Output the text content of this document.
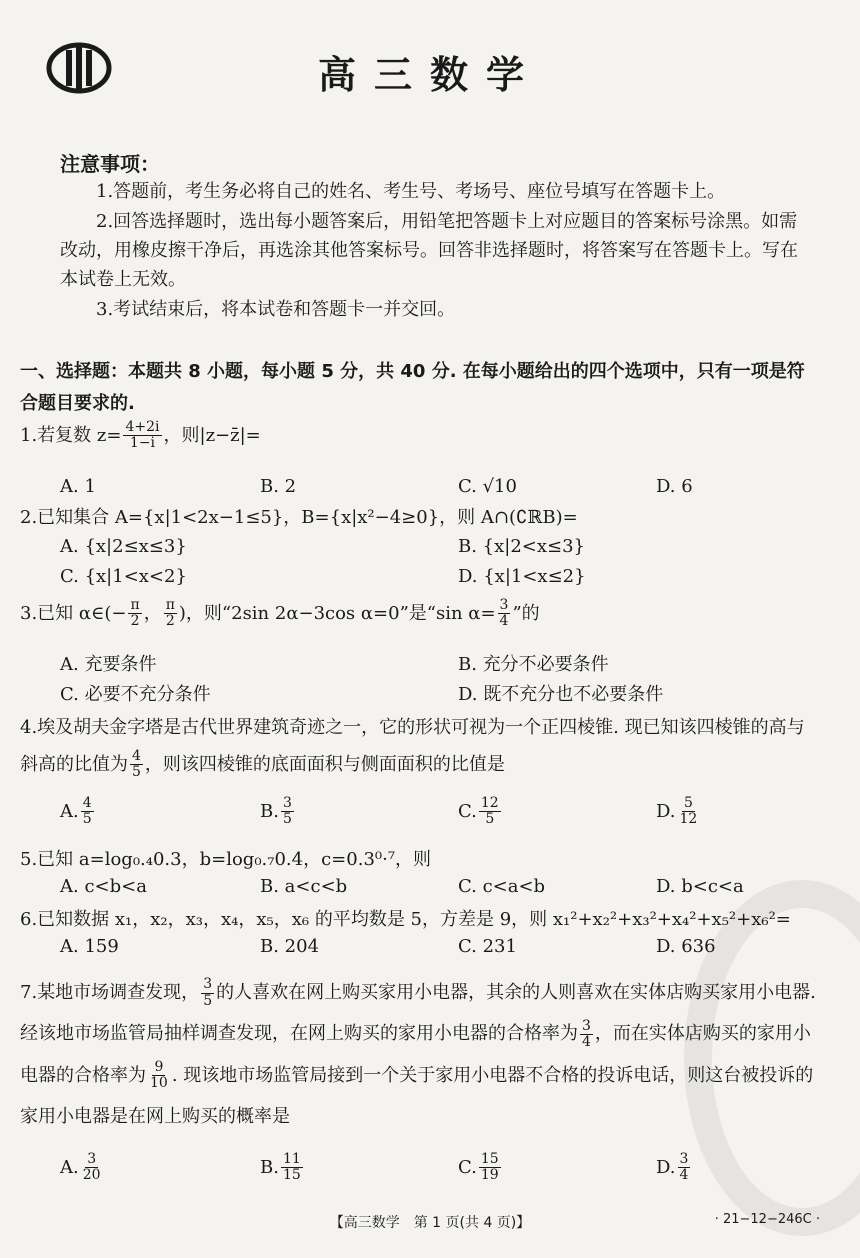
高三数学
注意事项：
1.答题前，考生务必将自己的姓名、考生号、考场号、座位号填写在答题卡上。
2.回答选择题时，选出每小题答案后，用铅笔把答题卡上对应题目的答案标号涂黑。如需改动，用橡皮擦干净后，再选涂其他答案标号。回答非选择题时，将答案写在答题卡上。写在本试卷上无效。
3.考试结束后，将本试卷和答题卡一并交回。
一、选择题：本题共 8 小题，每小题 5 分，共 40 分. 在每小题给出的四个选项中，只有一项是符合题目要求的.
1.若复数 $z= \frac{4+2i}{1-i}$ ，则|z−z̄|=
A. 1	B. 2	C. √10	D. 6
2.已知集合 A={x|1<2x−1≤5}，B={x|x²−4≥0}，则 A∩(∁ℝB)=
A. {x|2≤x≤3}	B. {x|2<x≤3}
C. {x|1<x<2}	D. {x|1<x≤2}
3.已知 α∈(− $\frac{\pi}{2}$ ， $\frac{\pi}{2}$ )，则“2sin 2α−3cos α=0”是“sin $\alpha= \frac{3}{4}$ ”的
A. 充要条件	B. 充分不必要条件
C. 必要不充分条件	D. 既不充分也不必要条件
4.埃及胡夫金字塔是古代世界建筑奇迹之一，它的形状可视为一个正四棱锥. 现已知该四棱锥的高与斜高的比值为 $\frac{4}{5}$ ，则该四棱锥的底面面积与侧面面积的比值是
A. $\frac{4}{5}$	B. $\frac{3}{5}$	C. $\frac{12}{5}$	D. $\frac{5}{12}$
5.已知 a=log₀.₄0.3，b=log₀.₇0.4，c=0.3⁰·⁷，则
A. c<b<a	B. a<c<b	C. c<a<b	D. b<c<a
6.已知数据 x₁，x₂，x₃，x₄，x₅，x₆ 的平均数是 5，方差是 9，则 x₁²+x₂²+x₃²+x₄²+x₅²+x₆²=
A. 159	B. 204	C. 231	D. 636
7.某地市场调查发现， $\frac{3}{5}$ 的人喜欢在网上购买家用小电器，其余的人则喜欢在实体店购买家用小电器. 经该地市场监管局抽样调查发现，在网上购买的家用小电器的合格率为 $\frac{3}{4}$ ，而在实体店购买的家用小电器的合格率为 $\frac{9}{10}$ . 现该地市场监管局接到一个关于家用小电器不合格的投诉电话，则这台被投诉的家用小电器是在网上购买的概率是
A. $\frac{3}{20}$	B. $\frac{11}{15}$	C. $\frac{15}{19}$	D. $\frac{3}{4}$
【高三数学　第 1 页(共 4 页)】	· 21−12−246C ·
